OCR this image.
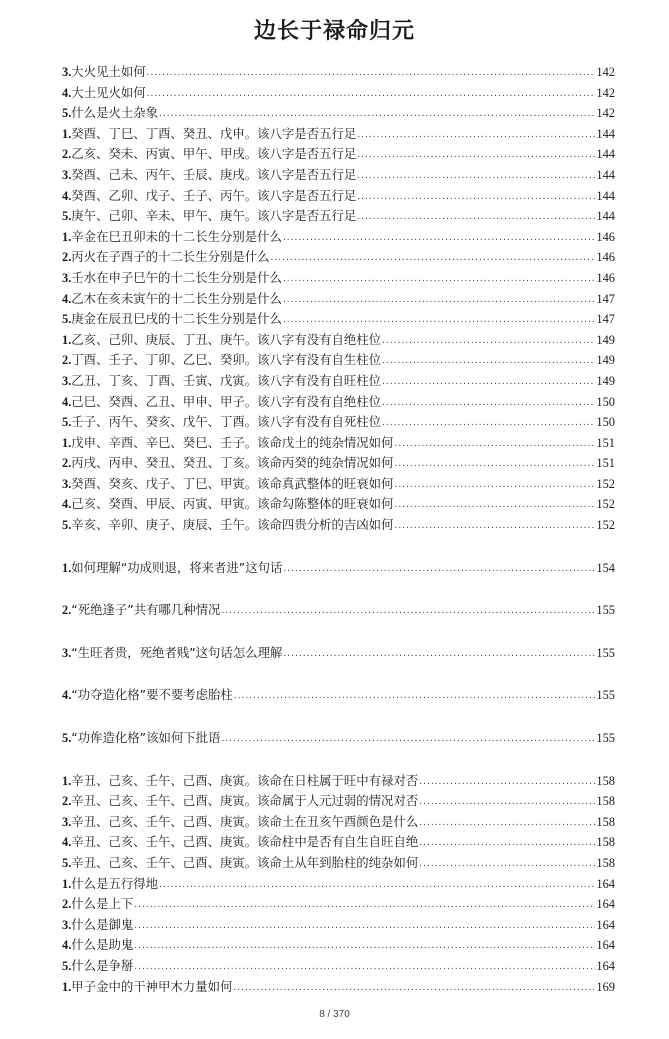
边长于禄命归元
3. 大火见土如何 .....	142
4. 大土见火如何 .....	142
5. 什么是火土杂象 .....	142
1. 癸酉、丁巳、丁酉、癸丑、戊申。该八字是否五行足 .....	144
2. 乙亥、癸未、丙寅、甲午、甲戌。该八字是否五行足 .....	144
3. 癸酉、己未、丙午、壬辰、庚戌。该八字是否五行足 .....	144
4. 癸酉、乙卯、戊子、壬子、丙午。该八字是否五行足 .....	144
5. 庚午、己卯、辛未、甲午、庚午。该八字是否五行足 .....	144
1. 辛金在巳丑卯未的十二长生分别是什么 .....	146
2. 丙火在子酉子的十二长生分别是什么 .....	146
3. 壬水在申子巳午的十二长生分别是什么 .....	146
4. 乙木在亥未寅午的十二长生分别是什么 .....	147
5. 庚金在辰丑巳戌的十二长生分别是什么 .....	147
1. 乙亥、己卯、庚辰、丁丑、庚午。该八字有没有自绝柱位 .....	149
2. 丁酉、壬子、丁卯、乙巳、癸卯。该八字有没有自生柱位 .....	149
3. 乙丑、丁亥、丁酉、壬寅、戊寅。该八字有没有自旺柱位 .....	149
4. 己巳、癸酉、乙丑、甲申、甲子。该八字有没有自绝柱位 .....	150
5. 壬子、丙午、癸亥、戊午、丁酉。该八字有没有自死柱位 .....	150
1. 戊申、辛酉、辛巳、癸巳、壬子。该命戊土的纯杂情况如何 .....	151
2. 丙戌、丙申、癸丑、癸丑、丁亥。该命丙癸的纯杂情况如何 .....	151
3. 癸酉、癸亥、戊子、丁巳、甲寅。该命真武整体的旺衰如何 .....	152
4. 己亥、癸酉、甲辰、丙寅、甲寅。该命勾陈整体的旺衰如何 .....	152
5. 辛亥、辛卯、庚子、庚辰、壬午。该命四贵分析的吉凶如何 .....	152
1. 如何理解“功成则退，将来者进”这句话 .....	154
2. “死绝逢子”共有哪几种情况 .....	155
3. “生旺者贵，死绝者贱”这句话怎么理解 .....	155
4. “功夺造化格”要不要考虑胎柱 .....	155
5. “功侔造化格”该如何下批语 .....	155
1. 辛丑、己亥、壬午、己酉、庚寅。该命在日柱属于旺中有禄对否 .....	158
2. 辛丑、己亥、壬午、己酉、庚寅。该命属于人元过弱的情况对否 .....	158
3. 辛丑、己亥、壬午、己酉、庚寅。该命土在丑亥午酉颜色是什么 .....	158
4. 辛丑、己亥、壬午、己酉、庚寅。该命柱中是否有自生自旺自绝 .....	158
5. 辛丑、己亥、壬午、己酉、庚寅。该命土从年到胎柱的纯杂如何 .....	158
1. 什么是五行得地 .....	164
2. 什么是上下 .....	164
3. 什么是御鬼 .....	164
4. 什么是助鬼 .....	164
5. 什么是争掰 .....	164
1. 甲子金中的干神甲木力量如何 .....	169
8 / 370
